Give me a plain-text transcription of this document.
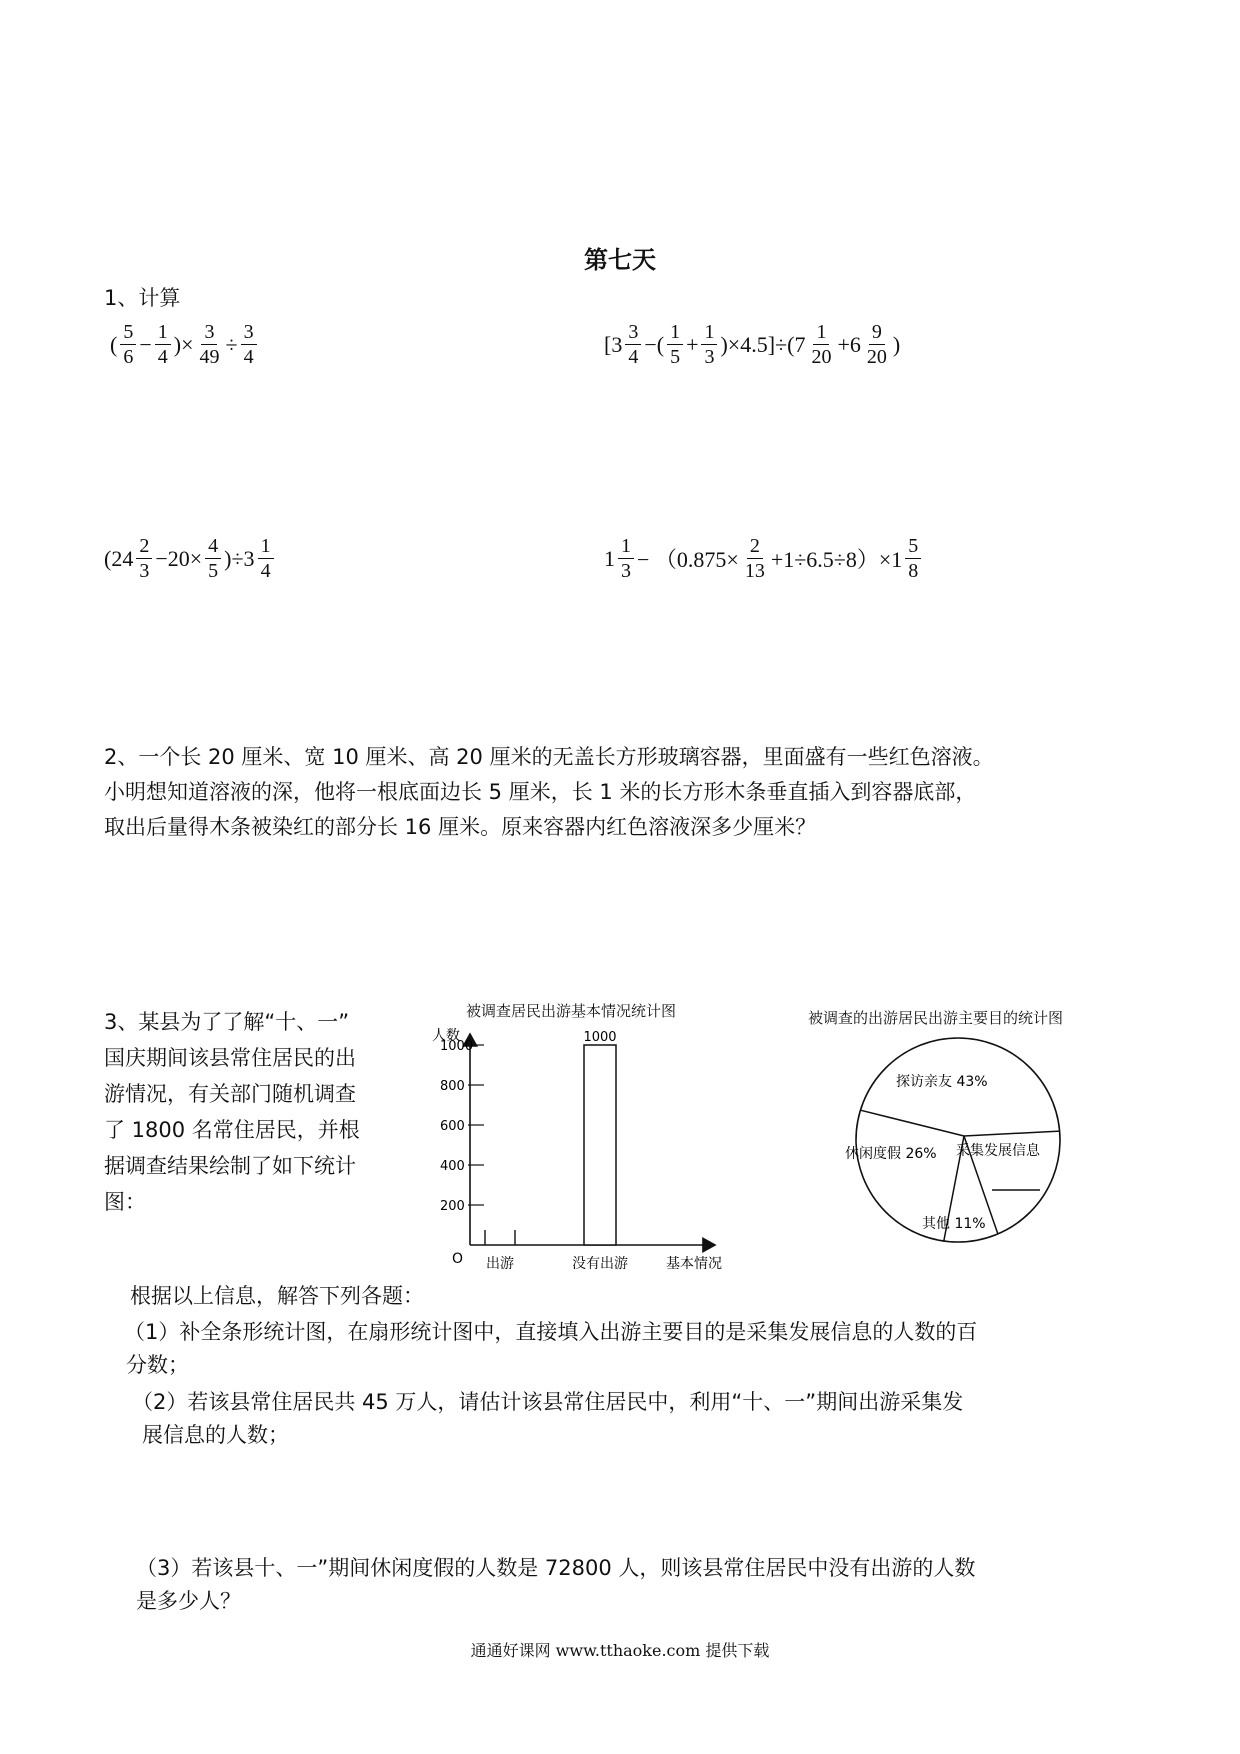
第七天
1、计算
( $\frac{5}{6} - \frac{1}{4}$ )× $\frac{3}{49} \div \frac{3}{4}$	[$3 \frac{3}{4}$ −( $\frac{1}{5} + \frac{1}{3} )\times 4.5]\div(7 \frac{1}{20} +6 \frac{9}{20}$ )
$(24 \frac{2}{3} -20\times \frac{4}{5} )\div 3 \frac{1}{4}$	$1 \frac{1}{3} - (0.875\times \frac{2}{13} +1\div 6.5\div 8)\times 1 \frac{5}{8}$
2、一个长 20 厘米、宽 10 厘米、高 20 厘米的无盖长方形玻璃容器，里面盛有一些红色溶液。
小明想知道溶液的深，他将一根底面边长 5 厘米，长 1 米的长方形木条垂直插入到容器底部，
取出后量得木条被染红的部分长 16 厘米。原来容器内红色溶液深多少厘米？
3、某县为了了解“十、一”
国庆期间该县常住居民的出
游情况，有关部门随机调查
了 1800 名常住居民，并根
据调查结果绘制了如下统计
图：
被调查居民出游基本情况统计图
人数
O	基本情况
200
400
600
800
1000
出游	没有出游
1000
被调查的出游居民出游主要目的统计图
探访亲友 43%
采集发展信息
其他 11%
休闲度假 26%
根据以上信息，解答下列各题：
（1）补全条形统计图，在扇形统计图中，直接填入出游主要目的是采集发展信息的人数的百
分数；
（2）若该县常住居民共 45 万人，请估计该县常住居民中，利用“十、一”期间出游采集发
展信息的人数；
（3）若该县十、一”期间休闲度假的人数是 72800 人，则该县常住居民中没有出游的人数
是多少人？
通通好课网 www.tthaoke.com 提供下载
